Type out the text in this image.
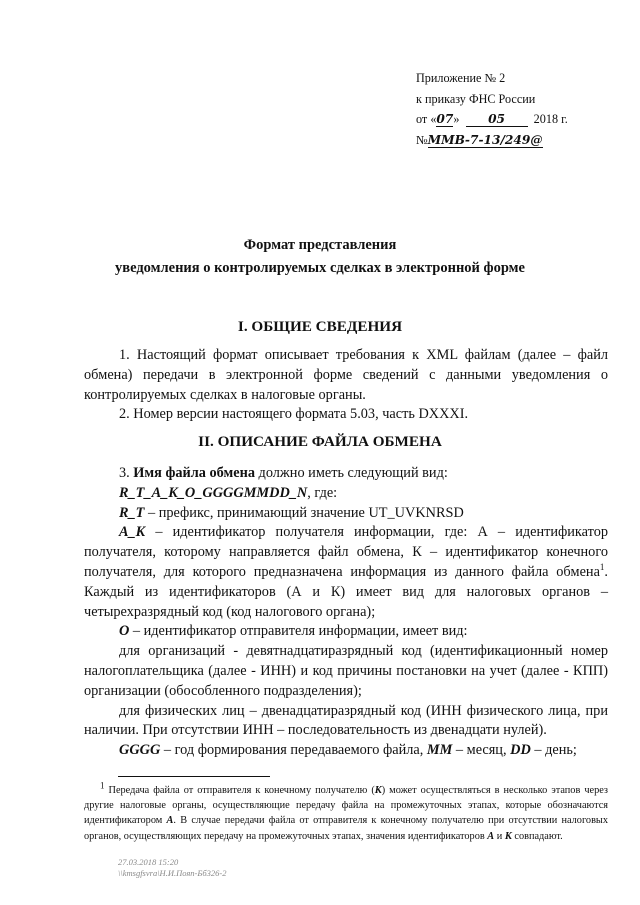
Приложение № 2
к приказу ФНС России
от «07» 05 2018 г.
№ММВ-7-13/249@
Формат представления
уведомления о контролируемых сделках в электронной форме
I. ОБЩИЕ СВЕДЕНИЯ

1. Настоящий формат описывает требования к XML файлам (далее – файл обмена) передачи в электронной форме сведений с данными уведомления о контролируемых сделках в налоговые органы.

2. Номер версии настоящего формата 5.03, часть DXXXI.

II. ОПИСАНИЕ ФАЙЛА ОБМЕНА

3. Имя файла обмена должно иметь следующий вид:

R_T_A_K_O_GGGGMMDD_N, где:

R_T – префикс, принимающий значение UT_UVKNRSD

A_K – идентификатор получателя информации, где: А – идентификатор получателя, которому направляется файл обмена, К – идентификатор конечного получателя, для которого предназначена информация из данного файла обмена$^1$. Каждый из идентификаторов (А и К) имеет вид для налоговых органов – четырехразрядный код (код налогового органа);

O – идентификатор отправителя информации, имеет вид:

для организаций - девятнадцатиразрядный код (идентификационный номер налогоплательщика (далее - ИНН) и код причины постановки на учет (далее - КПП) организации (обособленного подразделения);

для физических лиц – двенадцатиразрядный код (ИНН физического лица, при наличии. При отсутствии ИНН – последовательность из двенадцати нулей).

GGGG – год формирования передаваемого файла, MM – месяц, DD – день;

$^1$ Передача файла от отправителя к конечному получателю (К) может осуществляться в несколько этапов через другие налоговые органы, осуществляющие передачу файла на промежуточных этапах, которые обозначаются идентификатором А. В случае передачи файла от отправителя к конечному получателю при отсутствии налоговых органов, осуществляющих передачу на промежуточных этапах, значения идентификаторов А и К совпадают.

27.03.2018 15:20
\\kmsgfsvra\Н.И.Пояп-Бб326-2
